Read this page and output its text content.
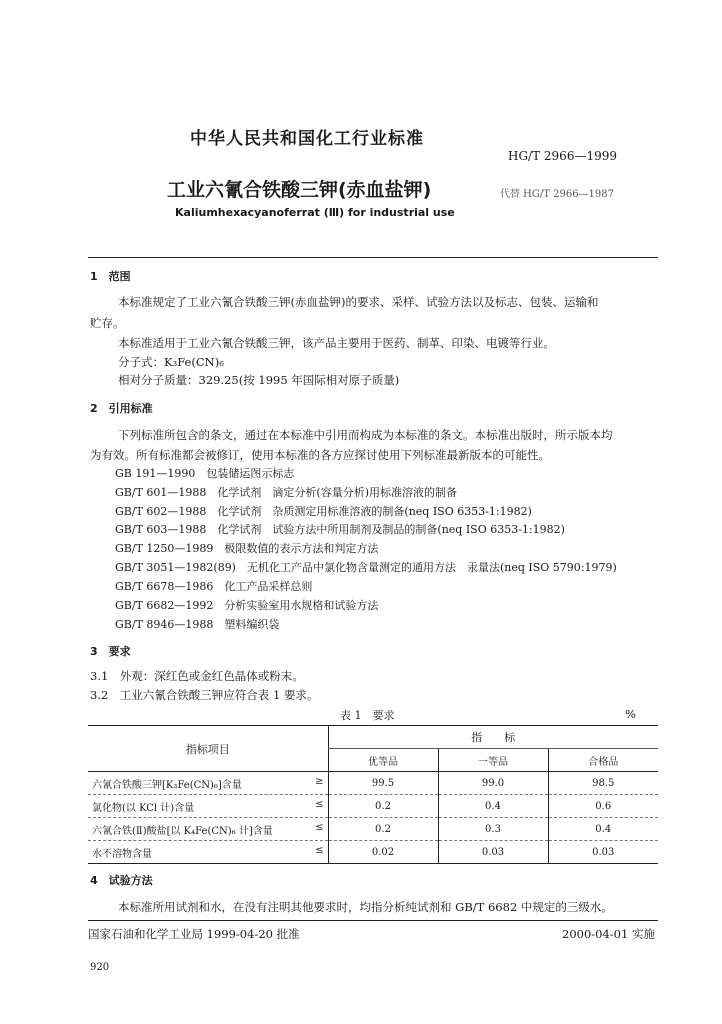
中华人民共和国化工行业标准
HG/T 2966—1999
工业六氰合铁酸三钾(赤血盐钾)	代替 HG/T 2966—1987
Kaliumhexacyanoferrat (Ⅲ) for industrial use
1　范围
本标准规定了工业六氰合铁酸三钾(赤血盐钾)的要求、采样、试验方法以及标志、包装、运输和
贮存。
本标准适用于工业六氰合铁酸三钾，该产品主要用于医药、制革、印染、电镀等行业。
分子式：K₃Fe(CN)₆
相对分子质量：329.25(按 1995 年国际相对原子质量)
2　引用标准
下列标准所包含的条文，通过在本标准中引用而构成为本标准的条文。本标准出版时，所示版本均
为有效。所有标准都会被修订，使用本标准的各方应探讨使用下列标准最新版本的可能性。
GB 191—1990　包装储运图示标志
GB/T 601—1988　化学试剂　滴定分析(容量分析)用标准溶液的制备
GB/T 602—1988　化学试剂　杂质测定用标准溶液的制备(neq ISO 6353-1:1982)
GB/T 603—1988　化学试剂　试验方法中所用制剂及制品的制备(neq ISO 6353-1:1982)
GB/T 1250—1989　极限数值的表示方法和判定方法
GB/T 3051—1982(89)　无机化工产品中氯化物含量测定的通用方法　汞量法(neq ISO 5790:1979)
GB/T 6678—1986　化工产品采样总则
GB/T 6682—1992　分析实验室用水规格和试验方法
GB/T 8946—1988　塑料编织袋
3　要求
3.1　外观：深红色或金红色晶体或粉末。
3.2　工业六氰合铁酸三钾应符合表 1 要求。
表 1　要求	%
指标项目	指　　标		
	优等品	一等品	合格品
六氰合铁酸三钾[K₃Fe(CN)₆]含量 ≥	99.5	99.0	98.5
氯化物(以 KCl 计)含量 ≤	0.2	0.4	0.6
六氰合铁(Ⅱ)酸盐[以 K₄Fe(CN)₆ 计]含量 ≤	0.2	0.3	0.4
水不溶物含量 ≤	0.02	0.03	0.03
4　试验方法
本标准所用试剂和水，在没有注明其他要求时，均指分析纯试剂和 GB/T 6682 中规定的三级水。
国家石油和化学工业局 1999-04-20 批准	2000-04-01 实施
920
